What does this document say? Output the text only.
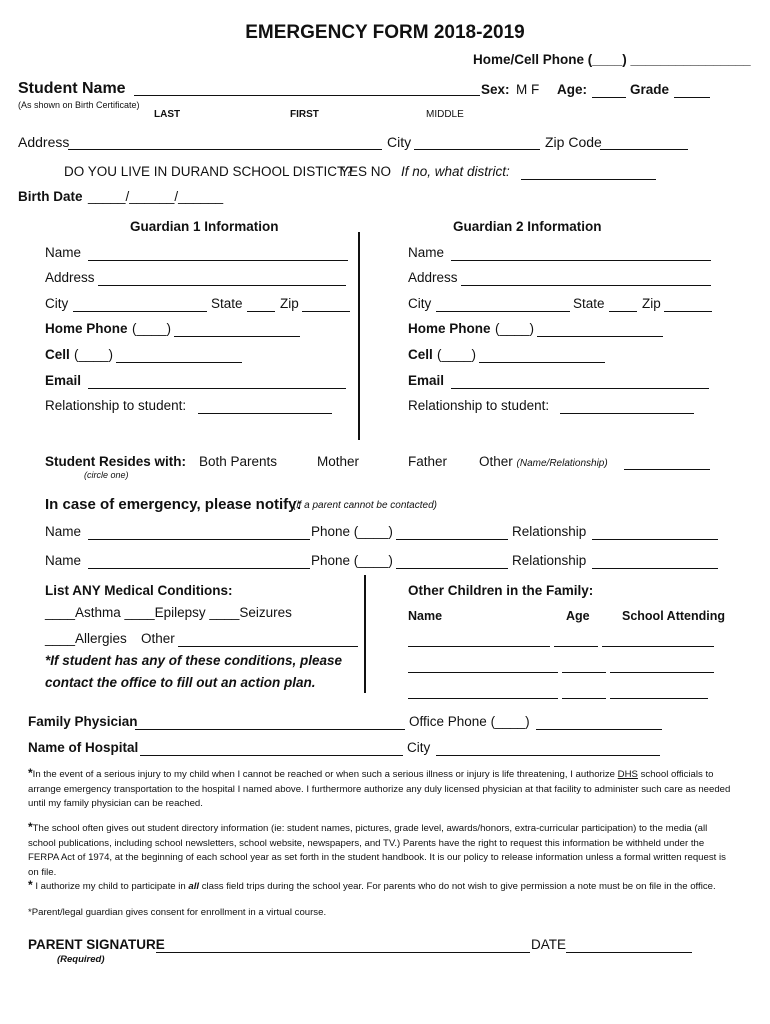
EMERGENCY FORM 2018-2019
Home/Cell Phone (____) ________________
Student Name	Sex: M F Age:	Grade
(As shown on Birth Certificate)
LAST	FIRST	MIDDLE
Address	City	Zip Code
DO YOU LIVE IN DURAND SCHOOL DISTICT?
YES NO If no, what district:
Birth Date _____/______/______
Guardian 1 Information
Name
Address
City	State	Zip
Home Phone (____)
Cell (____)
Email
Relationship to student:
Guardian 2 Information
Name
Address
City	State	Zip
Home Phone (____)
Cell (____)
Email
Relationship to student:
Student Resides with:
(circle one)
Both Parents	Mother	Father Other (Name/Relationship)
In case of emergency, please notify:
(if a parent cannot be contacted)
Name	Phone (____)	Relationship
Name	Phone (____)	Relationship
List ANY Medical Conditions:
____Asthma ____Epilepsy ____Seizures
____Allergies Other
*If student has any of these conditions, please
contact the office to fill out an action plan.
Other Children in the Family:
Name	Age	School Attending
Family Physician	Office Phone (____)
Name of Hospital	City
*In the event of a serious injury to my child when I cannot be reached or when such a serious illness or injury is life threatening, I authorize DHS school officials to arrange emergency transportation to the hospital I named above. I furthermore authorize any duly licensed physician at that facility to administer such care as needed until my family physician can be reached.
*The school often gives out student directory information (ie: student names, pictures, grade level, awards/honors, extra-curricular participation) to the media (all school publications, including school newsletters, school website, newspapers, and TV.) Parents have the right to request this information be withheld under the FERPA Act of 1974, at the beginning of each school year as set forth in the student handbook. It is our policy to release information unless a formal written request is on file.
* I authorize my child to participate in all class field trips during the school year. For parents who do not wish to give permission a note must be on file in the office.
*Parent/legal guardian gives consent for enrollment in a virtual course.
PARENT SIGNATURE	DATE
(Required)
